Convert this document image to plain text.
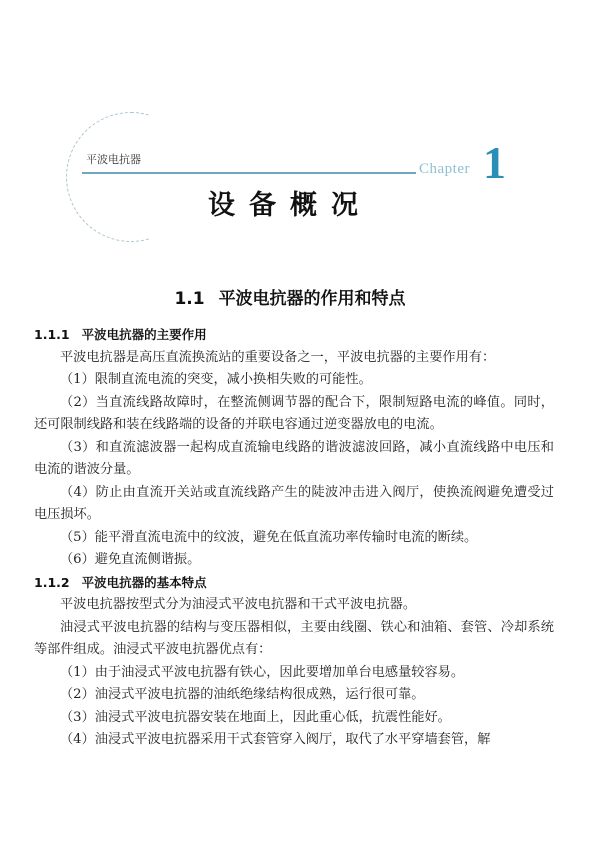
平波电抗器
Chapter 1
设备概况
1.1 平波电抗器的作用和特点
1.1.1 平波电抗器的主要作用

平波电抗器是高压直流换流站的重要设备之一，平波电抗器的主要作用有：

（1）限制直流电流的突变，减小换相失败的可能性。

（2）当直流线路故障时，在整流侧调节器的配合下，限制短路电流的峰值。同时，还可限制线路和装在线路端的设备的并联电容通过逆变器放电的电流。

（3）和直流滤波器一起构成直流输电线路的谐波滤波回路，减小直流线路中电压和电流的谐波分量。

（4）防止由直流开关站或直流线路产生的陡波冲击进入阀厅，使换流阀避免遭受过电压损坏。

（5）能平滑直流电流中的纹波，避免在低直流功率传输时电流的断续。

（6）避免直流侧谐振。

1.1.2 平波电抗器的基本特点

平波电抗器按型式分为油浸式平波电抗器和干式平波电抗器。

油浸式平波电抗器的结构与变压器相似，主要由线圈、铁心和油箱、套管、冷却系统等部件组成。油浸式平波电抗器优点有：

（1）由于油浸式平波电抗器有铁心，因此要增加单台电感量较容易。

（2）油浸式平波电抗器的油纸绝缘结构很成熟，运行很可靠。

（3）油浸式平波电抗器安装在地面上，因此重心低，抗震性能好。

（4）油浸式平波电抗器采用干式套管穿入阀厅，取代了水平穿墙套管，解
